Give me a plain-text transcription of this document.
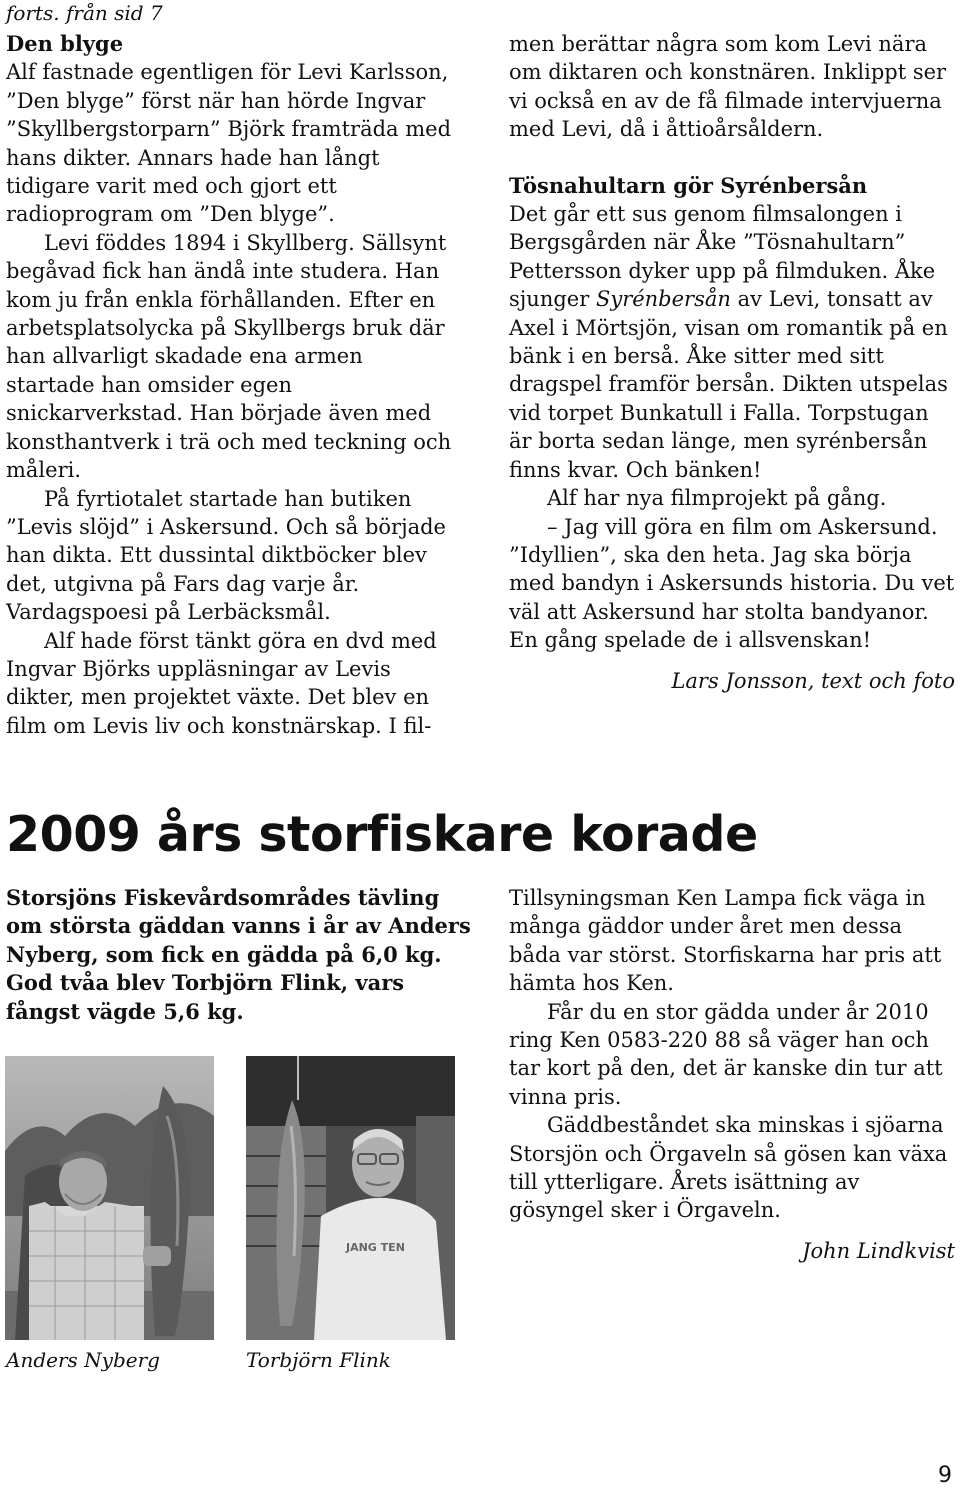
forts. från sid 7

Den blyge

Alf fastnade egentligen för Levi Karlsson, ”Den blyge” först när han hörde Ingvar ”Skyllbergstorparn” Björk framträda med hans dikter. Annars hade han långt tidigare varit med och gjort ett radioprogram om ”Den blyge”.

Levi föddes 1894 i Skyllberg. Sällsynt begåvad fick han ändå inte studera. Han kom ju från enkla förhållanden. Efter en arbetsplatsolycka på Skyllbergs bruk där han allvarligt skadade ena armen startade han omsider egen snickarverkstad. Han började även med konsthantverk i trä och med teckning och måleri.

På fyrtiotalet startade han butiken ”Levis slöjd” i Askersund. Och så började han dikta. Ett dussintal diktböcker blev det, utgivna på Fars dag varje år. Vardagspoesi på Lerbäcksmål.

Alf hade först tänkt göra en dvd med Ingvar Björks uppläsningar av Levis dikter, men projektet växte. Det blev en film om Levis liv och konstnärskap. I fil-

men berättar några som kom Levi nära om diktaren och konstnären. Inklippt ser vi också en av de få filmade intervjuerna med Levi, då i åttioårsåldern.

Tösnahultarn gör Syrénbersån

Det går ett sus genom filmsalongen i Bergsgården när Åke ”Tösnahultarn” Pettersson dyker upp på filmduken. Åke sjunger Syrénbersån av Levi, tonsatt av Axel i Mörtsjön, visan om romantik på en bänk i en berså. Åke sitter med sitt dragspel framför bersån. Dikten utspelas vid torpet Bunkatull i Falla. Torpstugan är borta sedan länge, men syrénbersån finns kvar. Och bänken!

Alf har nya filmprojekt på gång.

– Jag vill göra en film om Askersund. ”Idyllien”, ska den heta. Jag ska börja med bandyn i Askersunds historia. Du vet väl att Askersund har stolta bandyanor. En gång spelade de i allsvenskan!

Lars Jonsson, text och foto

2009 års storfiskare korade
Storsjöns Fiskevårdsområdes tävling om största gäddan vanns i år av Anders Nyberg, som fick en gädda på 6,0 kg. God tvåa blev Torbjörn Flink, vars fångst vägde 5,6 kg.

Tillsyningsman Ken Lampa fick väga in många gäddor under året men dessa båda var störst. Storfiskarna har pris att hämta hos Ken.

Får du en stor gädda under år 2010 ring Ken 0583-220 88 så väger han och tar kort på den, det är kanske din tur att vinna pris.

Gäddbeståndet ska minskas i sjöarna Storsjön och Örgaveln så gösen kan växa till ytterligare. Årets isättning av gösyngel sker i Örgaveln.

John Lindkvist

JANG TEN
Anders Nyberg	Torbjörn Flink
9
